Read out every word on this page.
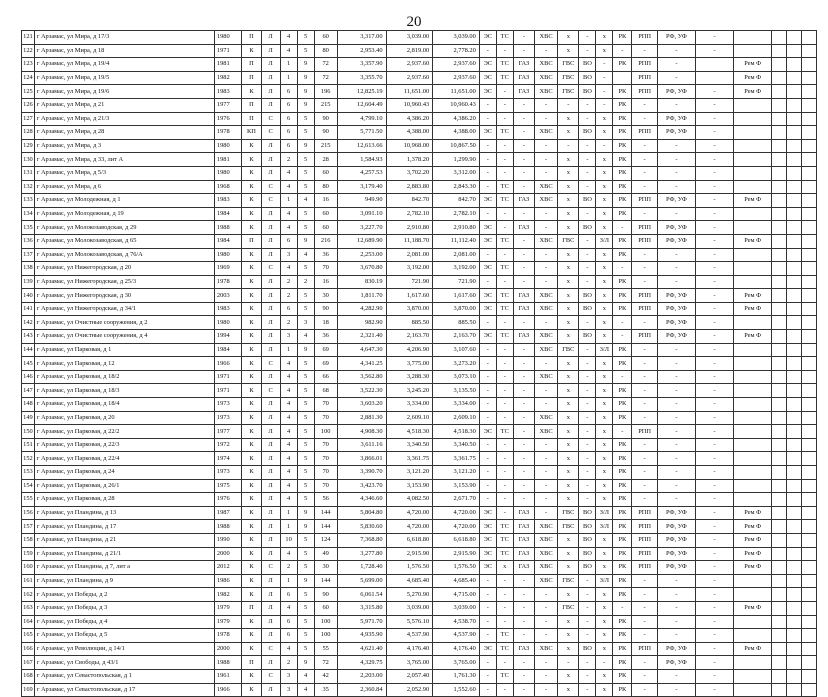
20
121	г Арзамас, ул Мира, д 17/3	1980	П	Л	4	5	60	3,317.00	3,039.00	3,039.00	ЭС	ТС	-	ХВС	х	-	х	РК	РПП	РФ, УФ	-				
122	г Арзамас, ул Мира, д 18	1971	К	Л	4	5	80	2,953.40	2,819.00	2,778.20	-	-	-	-	х	-	х	-	-	-	-				
123	г Арзамас, ул Мира, д 19/4	1981	П	Л	1	9	72	3,357.90	2,937.60	2,937.60	ЭС	ТС	ГАЗ	ХВС	ГВС	ВО	-	РК	РПП	-		Рем Ф			
124	г Арзамас, ул Мира, д 19/5	1982	П	Л	1	9	72	3,355.70	2,937.60	2,937.60	ЭС	ТС	ГАЗ	ХВС	ГВС	ВО	-		РПП	-		Рем Ф			
125	г Арзамас, ул Мира, д 19/6	1983	К	Л	6	9	196	12,825.19	11,651.00	11,651.00	ЭС	-	ГАЗ	ХВС	ГВС	ВО	-	РК	РПП	РФ, УФ	-	Рем Ф			
126	г Арзамас, ул Мира, д 21	1977	П	Л	6	9	215	12,604.49	10,960.43	10,960.43	-	-	-	-	-	-	-	РК	-	-	-				
127	г Арзамас, ул Мира, д 21/3	1976	П	С	6	5	90	4,799.10	4,386.20	4,386.20	-	-	-	-	х	-	х	РК	-	РФ, УФ	-				
128	г Арзамас, ул Мира, д 28	1978	КП	С	6	5	90	5,771.50	4,388.00	4,388.00	ЭС	ТС	-	ХВС	х	ВО	х	РК	РПП	РФ, УФ	-				
129	г Арзамас, ул Мира, д 3	1980	К	Л	6	9	215	12,613.66	10,968.00	10,867.50	-	-	-	-	-	-	-	РК	-	-	-				
130	г Арзамас, ул Мира, д 33, лит А	1981	К	Л	2	5	28	1,584.93	1,378.20	1,299.90	-	-	-	-	х	-	х	РК	-	-	-				
131	г Арзамас, ул Мира, д 5/3	1980	К	Л	4	5	60	4,257.53	3,702.20	3,312.00	-	-	-	-	х	-	х	РК	-	-	-				
132	г Арзамас, ул Мира, д 6	1968	К	С	4	5	80	3,179.40	2,883.80	2,843.30	-	ТС	-	ХВС	х	-	х	РК	-	-	-				
133	г Арзамас, ул Молодежная, д 1	1983	К	С	1	4	16	949.90	842.70	842.70	ЭС	ТС	ГАЗ	ХВС	х	ВО	х	РК	РПП	РФ, УФ	-	Рем Ф			
134	г Арзамас, ул Молодежная, д 19	1984	К	Л	4	5	60	3,091.10	2,782.10	2,782.10	-	-	-	-	х	-	х	РК	-	-	-				
135	г Арзамас, ул Молокозаводская, д 29	1988	К	Л	4	5	60	3,227.70	2,910.80	2,910.80	ЭС	-	ГАЗ	-	х	ВО	х	-	РПП	РФ, УФ	-				
136	г Арзамас, ул Молокозаводская, д 65	1984	П	Л	6	9	216	12,689.90	11,188.70	11,112.40	ЭС	ТС	-	ХВС	ГВС	-	З/Л	РК	РПП	РФ, УФ	-	Рем Ф			
137	г Арзамас, ул Молокозаводская, д 76/А	1980	К	Л	3	4	36	2,253.00	2,081.00	2,081.00	-	-	-	-	х	-	х	РК	-	-	-				
138	г Арзамас, ул Нижегородская, д 20	1969	К	С	4	5	70	3,670.80	3,192.00	3,192.00	ЭС	ТС	-	-	х	-	х	-	-	-	-				
139	г Арзамас, ул Нижегородская, д 25/3	1978	К	Л	2	2	16	830.19	721.90	721.90	-	-	-	-	х	-	х	РК	-	-	-				
140	г Арзамас, ул Нижегородская, д 30	2003	К	Л	2	5	30	1,811.70	1,617.60	1,617.60	ЭС	ТС	ГАЗ	ХВС	х	ВО	х	РК	РПП	РФ, УФ	-	Рем Ф			
141	г Арзамас, ул Нижегородская, д 34/1	1983	К	Л	6	5	90	4,282.90	3,870.00	3,870.00	ЭС	ТС	ГАЗ	ХВС	х	ВО	х	РК	РПП	РФ, УФ	-	Рем Ф			
142	г Арзамас, ул Очистные сооружения, д 2	1980	К	Л	2	3	18	982.90	885.50	885.50	-	-	-	-	х	-	х	-	-	РФ, УФ	-				
143	г Арзамас, ул Очистные сооружения, д 4	1994	К	Л	3	4	36	2,321.40	2,163.70	2,163.70	ЭС	ТС	ГАЗ	ХВС	х	ВО	х	-	РПП	РФ, УФ	-	Рем Ф			
144	г Арзамас, ул Парковая, д 1	1984	К	Л	1	9	69	4,647.30	4,206.90	3,107.60	-	-	-	ХВС	ГВС	-	З/Л	РК	-	-	-				
145	г Арзамас, ул Парковая, д 12	1966	К	С	4	5	69	4,341.25	3,775.00	3,273.20	-	-	-	-	х	-	х	РК	-	-	-				
146	г Арзамас, ул Парковая, д 18/2	1971	К	Л	4	5	66	3,562.80	3,288.30	3,073.10	-	-	-	ХВС	х	-	х	-	-	-	-				
147	г Арзамас, ул Парковая, д 18/3	1971	К	С	4	5	68	3,522.30	3,245.20	3,135.50	-	-	-	-	х	-	х	РК	-	-	-				
148	г Арзамас, ул Парковая, д 18/4	1973	К	Л	4	5	70	3,603.20	3,334.00	3,334.00	-	-	-	-	х	-	х	РК	-	-	-				
149	г Арзамас, ул Парковая, д 20	1973	К	Л	4	5	70	2,881.30	2,609.10	2,609.10	-	-	-	ХВС	х	-	х	РК	-	-	-				
150	г Арзамас, ул Парковая, д 22/2	1977	К	Л	4	5	100	4,908.30	4,518.30	4,518.30	ЭС	ТС	-	ХВС	х	-	х	-	РПП	-	-				
151	г Арзамас, ул Парковая, д 22/3	1972	К	Л	4	5	70	3,611.16	3,340.50	3,340.50	-	-	-	-	х	-	х	РК	-	-	-				
152	г Арзамас, ул Парковая, д 22/4	1974	К	Л	4	5	70	3,866.01	3,361.75	3,361.75	-	-	-	-	х	-	х	РК	-	-	-				
153	г Арзамас, ул Парковая, д 24	1973	К	Л	4	5	70	3,390.70	3,121.20	3,121.20	-	-	-	-	х	-	х	РК	-	-	-				
154	г Арзамас, ул Парковая, д 26/1	1975	К	Л	4	5	70	3,423.70	3,153.90	3,153.90	-	-	-	-	х	-	х	РК	-	-	-				
155	г Арзамас, ул Парковая, д 28	1976	К	Л	4	5	56	4,346.60	4,082.50	2,671.70	-	-	-	-	х	-	х	РК	-	-	-				
156	г Арзамас, ул Пландина, д 13	1987	К	Л	1	9	144	5,804.80	4,720.00	4,720.00	ЭС	-	ГАЗ	-	ГВС	ВО	З/Л	РК	РПП	РФ, УФ	-	Рем Ф			
157	г Арзамас, ул Пландина, д 17	1988	К	Л	1	9	144	5,830.60	4,720.00	4,720.00	ЭС	ТС	ГАЗ	ХВС	ГВС	ВО	З/Л	РК	РПП	РФ, УФ	-	Рем Ф			
158	г Арзамас, ул Пландина, д 21	1990	К	Л	10	5	124	7,368.80	6,618.80	6,618.80	ЭС	ТС	ГАЗ	ХВС	х	ВО	х	РК	РПП	РФ, УФ	-	Рем Ф			
159	г Арзамас, ул Пландина, д 21/1	2000	К	Л	4	5	49	3,277.80	2,915.90	2,915.90	ЭС	ТС	ГАЗ	ХВС	х	ВО	х	РК	РПП	РФ, УФ	-	Рем Ф			
160	г Арзамас, ул Пландина, д 7, лит а	2012	К	С	2	5	30	1,728.40	1,576.50	1,576.50	ЭС	х	ГАЗ	ХВС	х	ВО	х	РК	РПП	РФ, УФ	-	Рем Ф			
161	г Арзамас, ул Пландина, д 9	1986	К	Л	1	9	144	5,699.00	4,685.40	4,685.40	-	-	-	ХВС	ГВС	-	З/Л	РК	-	-	-				
162	г Арзамас, ул Победы, д 2	1982	К	Л	6	5	90	6,061.54	5,270.90	4,715.00	-	-	-	-	х	-	х	РК	-	-	-				
163	г Арзамас, ул Победы, д 3	1979	П	Л	4	5	60	3,315.80	3,039.00	3,039.00	-	-	-	-	ГВС	-	х	-	-	-	-	Рем Ф			
164	г Арзамас, ул Победы, д 4	1979	К	Л	6	5	100	5,971.70	5,576.10	4,538.70	-	-	-	-	х	-	х	РК	-	-	-				
165	г Арзамас, ул Победы, д 5	1978	К	Л	6	5	100	4,935.90	4,537.90	4,537.90	-	ТС	-	-	х	-	х	РК	-	-	-				
166	г Арзамас, ул Революции, д 14/1	2000	К	С	4	5	55	4,621.40	4,176.40	4,176.40	ЭС	ТС	ГАЗ	ХВС	х	ВО	х	РК	РПП	РФ, УФ	-	Рем Ф			
167	г Арзамас, ул Свободы, д 43/1	1988	П	Л	2	9	72	4,329.75	3,765.00	3,765.00	-	-	-	-	-	-	-	РК	-	РФ, УФ	-				
168	г Арзамас, ул Севастопольская, д 1	1961	К	С	3	4	42	2,203.00	2,057.40	1,761.30	-	ТС	-	-	х	-	х	РК	-	-	-				
169	г Арзамас, ул Севастопольская, д 17	1966	К	Л	3	4	35	2,360.84	2,052.90	1,552.60	-	-	-	-	х	-	х	РК	-	-	-				
